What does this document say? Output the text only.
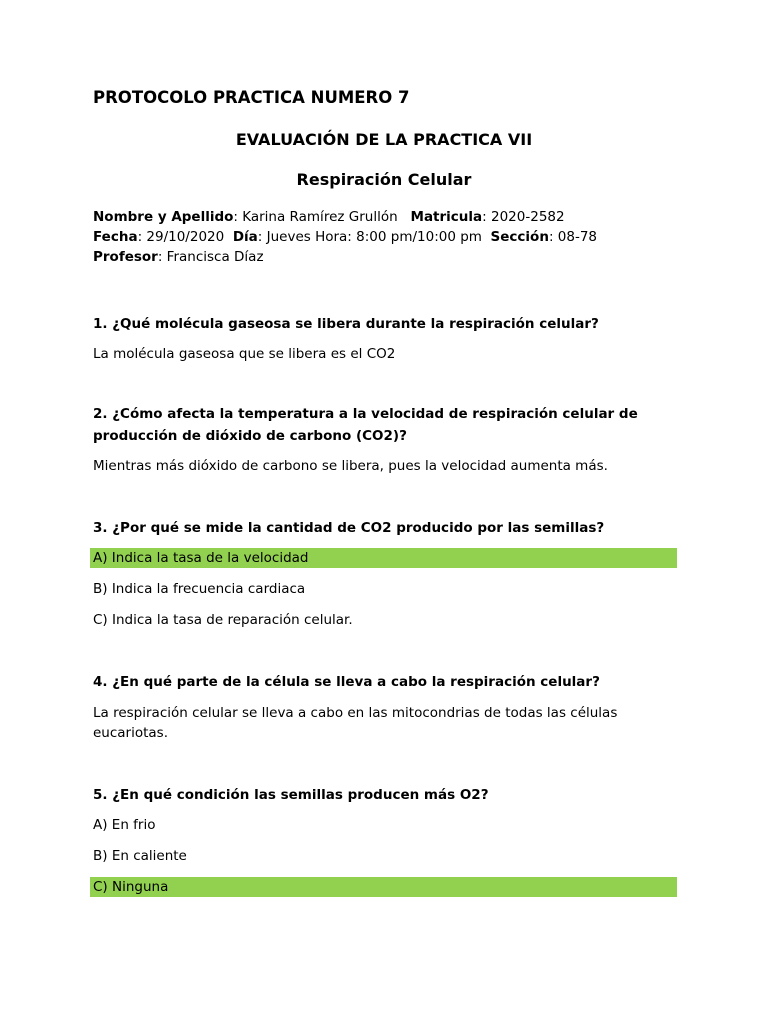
PROTOCOLO PRACTICA NUMERO 7
EVALUACIÓN DE LA PRACTICA VII
Respiración Celular
Nombre y Apellido: Karina Ramírez Grullón Matricula: 2020-2582
Fecha: 29/10/2020 Día: Jueves Hora: 8:00 pm/10:00 pm Sección: 08-78
Profesor: Francisca Díaz
1. ¿Qué molécula gaseosa se libera durante la respiración celular?
La molécula gaseosa que se libera es el CO2
2. ¿Cómo afecta la temperatura a la velocidad de respiración celular de producción de dióxido de carbono (CO2)?
Mientras más dióxido de carbono se libera, pues la velocidad aumenta más.
3. ¿Por qué se mide la cantidad de CO2 producido por las semillas?
A) Indica la tasa de la velocidad
B) Indica la frecuencia cardiaca
C) Indica la tasa de reparación celular.
4. ¿En qué parte de la célula se lleva a cabo la respiración celular?
La respiración celular se lleva a cabo en las mitocondrias de todas las células eucariotas.
5. ¿En qué condición las semillas producen más O2?
A) En frio
B) En caliente
C) Ninguna
